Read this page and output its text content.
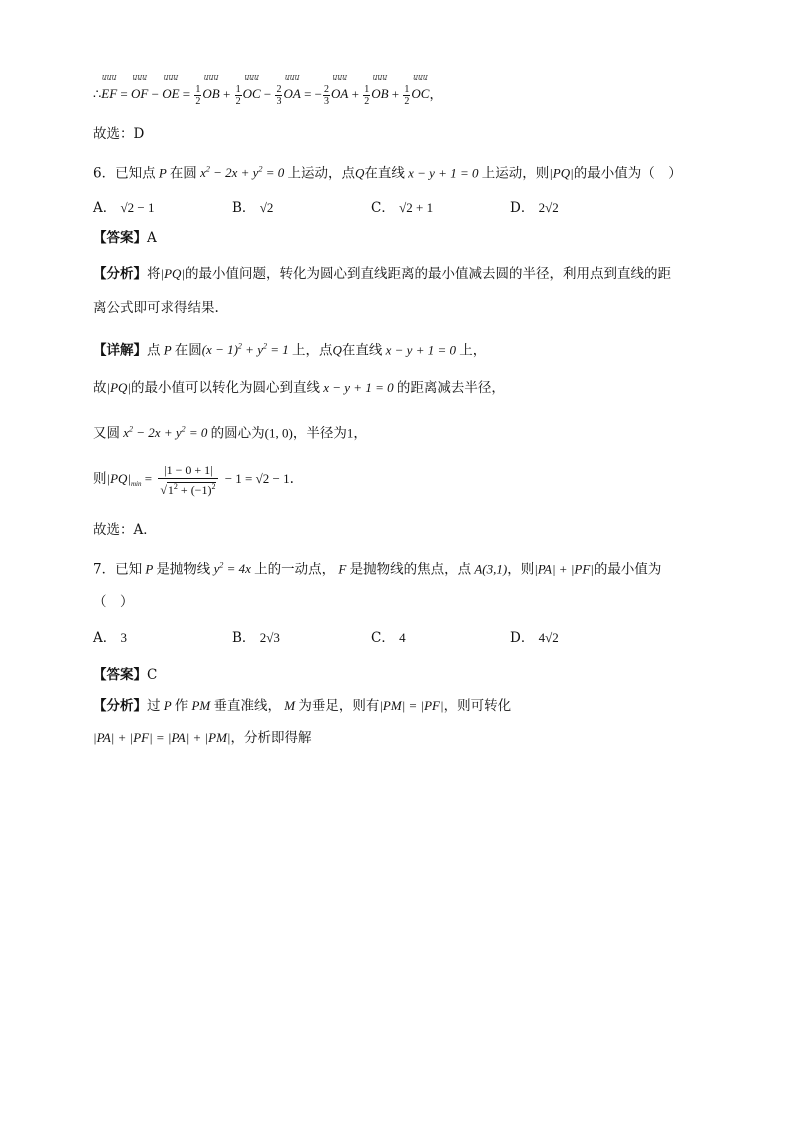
∴ԱԱԱ EF = ԱԱԱ OF − ԱԱԱ OE = $\frac{1}{2}$ ԱԱԱ OB + $\frac{1}{2}$ ԱԱԱ OC − $\frac{2}{3}$ ԱԱԱ OA = − $\frac{2}{3}$ ԱԱԱ OA + $\frac{1}{2}$ ԱԱԱ OB + $\frac{1}{2}$ ԱԱԱ OC，
故选：D
6．已知点 P 在圆 $x^2 - 2x + y^2 = 0$ 上运动，点Q在直线 x − y + 1 = 0 上运动，则|PQ|的最小值为（　）
A． √2 − 1	B． √2	C． √2 + 1	D． 2√2
【答案】A
【分析】将|PQ|的最小值问题，转化为圆心到直线距离的最小值减去圆的半径，利用点到直线的距
离公式即可求得结果.
【详解】点 P 在圆$(x - 1)^2 + y^2 = 1$ 上，点Q在直线 x − y + 1 = 0 上，
故|PQ|的最小值可以转化为圆心到直线 x − y + 1 = 0 的距离减去半径，
又圆 $x^2 - 2x + y^2 = 0$ 的圆心为(1, 0)，半径为1，
则$|PQ|_{min} = \frac{|1 - 0 + 1|}{√1^2 + (-1)^2} - 1 = √2 - 1$.
故选：A．
7．已知 P 是抛物线 $y^2 = 4x$ 上的一动点， F 是抛物线的焦点，点 A(3,1)，则|PA| + |PF|的最小值为
（　）
A． 3	B． 2√3	C． 4	D． 4√2
【答案】C
【分析】过 P 作 PM 垂直准线， M 为垂足，则有|PM| = |PF|，则可转化
|PA| + |PF| = |PA| + |PM|，分析即得解
